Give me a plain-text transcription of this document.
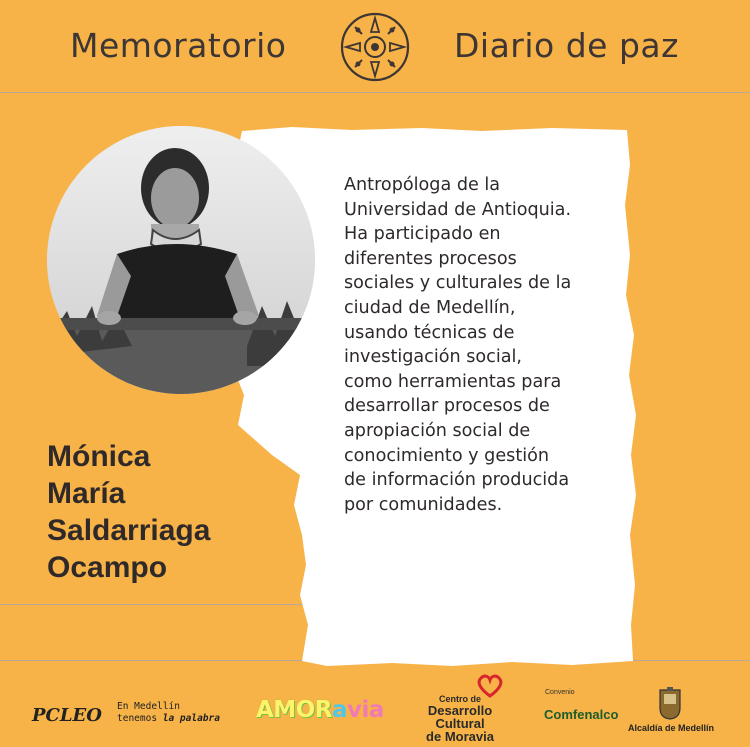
Memoratorio	Diario de paz
Mónica
María
Saldarriaga
Ocampo
Antropóloga de la
Universidad de Antioquia.
Ha participado en
diferentes procesos
sociales y culturales de la
ciudad de Medellín,
usando técnicas de
investigación social,
como herramientas para
desarrollar procesos de
apropiación social de
conocimiento y gestión
de información producida
por comunidades.
PCLEO En Medellín
tenemos la palabra AMORavia	Centro de
Desarrollo Cultural
de Moravia
Convenio
Comfenalco
Alcaldía de Medellín
